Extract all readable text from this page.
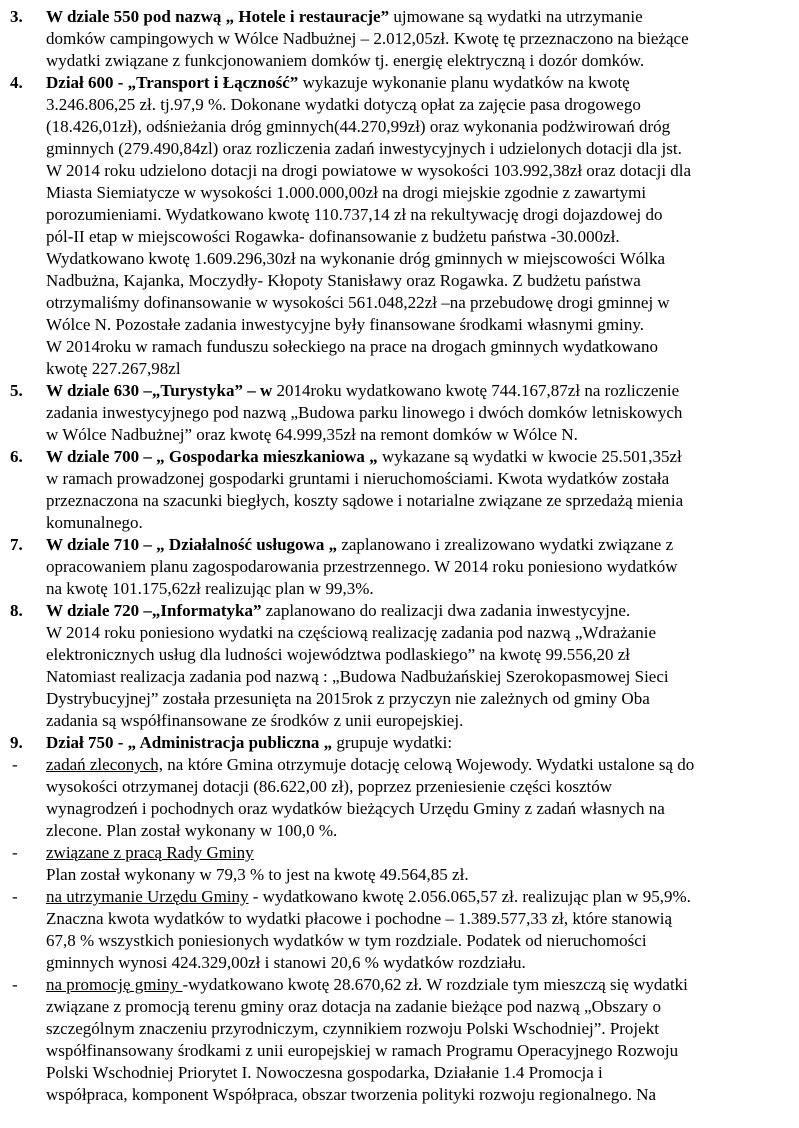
3. W dziale 550 pod nazwą „ Hotele i restauracje” ujmowane są wydatki na utrzymanie
domków campingowych w Wólce Nadbużnej – 2.012,05zł. Kwotę tę przeznaczono na bieżące
wydatki związane z funkcjonowaniem domków tj. energię elektryczną i dozór domków.
4. Dział 600 - „Transport i Łączność” wykazuje wykonanie planu wydatków na kwotę
3.246.806,25 zł. tj.97,9 %. Dokonane wydatki dotyczą opłat za zajęcie pasa drogowego
(18.426,01zł), odśnieżania dróg gminnych(44.270,99zł) oraz wykonania podżwirowań dróg
gminnych (279.490,84zl) oraz rozliczenia zadań inwestycyjnych i udzielonych dotacji dla jst.
W 2014 roku udzielono dotacji na drogi powiatowe w wysokości 103.992,38zł oraz dotacji dla
Miasta Siemiatycze w wysokości 1.000.000,00zł na drogi miejskie zgodnie z zawartymi
porozumieniami. Wydatkowano kwotę 110.737,14 zł na rekultywację drogi dojazdowej do
pól-II etap w miejscowości Rogawka- dofinansowanie z budżetu państwa -30.000zł.
Wydatkowano kwotę 1.609.296,30zł na wykonanie dróg gminnych w miejscowości Wólka
Nadbużna, Kajanka, Moczydły- Kłopoty Stanisławy oraz Rogawka. Z budżetu państwa
otrzymaliśmy dofinansowanie w wysokości 561.048,22zł –na przebudowę drogi gminnej w
Wólce N. Pozostałe zadania inwestycyjne były finansowane środkami własnymi gminy.
W 2014roku w ramach funduszu sołeckiego na prace na drogach gminnych wydatkowano
kwotę 227.267,98zl
5. W dziale 630 –„Turystyka” – w 2014roku wydatkowano kwotę 744.167,87zł na rozliczenie
zadania inwestycyjnego pod nazwą „Budowa parku linowego i dwóch domków letniskowych
w Wólce Nadbużnej” oraz kwotę 64.999,35zł na remont domków w Wólce N.
6. W dziale 700 – „ Gospodarka mieszkaniowa „ wykazane są wydatki w kwocie 25.501,35zł
w ramach prowadzonej gospodarki gruntami i nieruchomościami. Kwota wydatków została
przeznaczona na szacunki biegłych, koszty sądowe i notarialne związane ze sprzedażą mienia
komunalnego.
7. W dziale 710 – „ Działalność usługowa „ zaplanowano i zrealizowano wydatki związane z
opracowaniem planu zagospodarowania przestrzennego. W 2014 roku poniesiono wydatków
na kwotę 101.175,62zł realizując plan w 99,3%.
8. W dziale 720 –„Informatyka” zaplanowano do realizacji dwa zadania inwestycyjne.
W 2014 roku poniesiono wydatki na częściową realizację zadania pod nazwą „Wdrażanie
elektronicznych usług dla ludności województwa podlaskiego” na kwotę 99.556,20 zł
Natomiast realizacja zadania pod nazwą : „Budowa Nadbużańskiej Szerokopasmowej Sieci
Dystrybucyjnej” została przesunięta na 2015rok z przyczyn nie zależnych od gminy Oba
zadania są współfinansowane ze środków z unii europejskiej.
9. Dział 750 - „ Administracja publiczna „ grupuje wydatki:
- zadań zleconych, na które Gmina otrzymuje dotację celową Wojewody. Wydatki ustalone są do
wysokości otrzymanej dotacji (86.622,00 zł), poprzez przeniesienie części kosztów
wynagrodzeń i pochodnych oraz wydatków bieżących Urzędu Gminy z zadań własnych na
zlecone. Plan został wykonany w 100,0 %.
- związane z pracą Rady Gminy
Plan został wykonany w 79,3 % to jest na kwotę 49.564,85 zł.
- na utrzymanie Urzędu Gminy - wydatkowano kwotę 2.056.065,57 zł. realizując plan w 95,9%.
Znaczna kwota wydatków to wydatki płacowe i pochodne – 1.389.577,33 zł, które stanowią
67,8 % wszystkich poniesionych wydatków w tym rozdziale. Podatek od nieruchomości
gminnych wynosi 424.329,00zł i stanowi 20,6 % wydatków rozdziału.
- na promocję gminy -wydatkowano kwotę 28.670,62 zł. W rozdziale tym mieszczą się wydatki
związane z promocją terenu gminy oraz dotacja na zadanie bieżące pod nazwą „Obszary o
szczególnym znaczeniu przyrodniczym, czynnikiem rozwoju Polski Wschodniej”. Projekt
współfinansowany środkami z unii europejskiej w ramach Programu Operacyjnego Rozwoju
Polski Wschodniej Priorytet I. Nowoczesna gospodarka, Działanie 1.4 Promocja i
współpraca, komponent Współpraca, obszar tworzenia polityki rozwoju regionalnego. Na
